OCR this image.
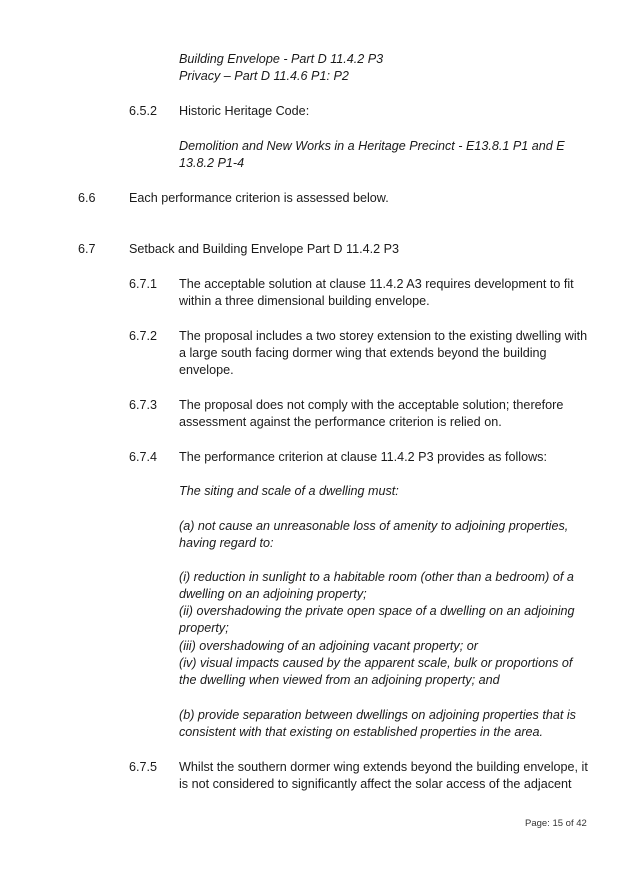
Building Envelope - Part D 11.4.2 P3
Privacy – Part D 11.4.6 P1: P2
6.5.2 Historic Heritage Code:
Demolition and New Works in a Heritage Precinct - E13.8.1 P1 and E
13.8.2 P1-4
6.6	Each performance criterion is assessed below.
6.7	Setback and Building Envelope Part D 11.4.2 P3
6.7.1 The acceptable solution at clause 11.4.2 A3 requires development to fit
within a three dimensional building envelope.
6.7.2 The proposal includes a two storey extension to the existing dwelling with
a large south facing dormer wing that extends beyond the building
envelope.
6.7.3 The proposal does not comply with the acceptable solution; therefore
assessment against the performance criterion is relied on.
6.7.4 The performance criterion at clause 11.4.2 P3 provides as follows:
The siting and scale of a dwelling must:
(a) not cause an unreasonable loss of amenity to adjoining properties,
having regard to:
(i) reduction in sunlight to a habitable room (other than a bedroom) of a
dwelling on an adjoining property;
(ii) overshadowing the private open space of a dwelling on an adjoining
property;
(iii) overshadowing of an adjoining vacant property; or
(iv) visual impacts caused by the apparent scale, bulk or proportions of
the dwelling when viewed from an adjoining property; and
(b) provide separation between dwellings on adjoining properties that is
consistent with that existing on established properties in the area.
6.7.5 Whilst the southern dormer wing extends beyond the building envelope, it
is not considered to significantly affect the solar access of the adjacent
Page: 15 of 42
